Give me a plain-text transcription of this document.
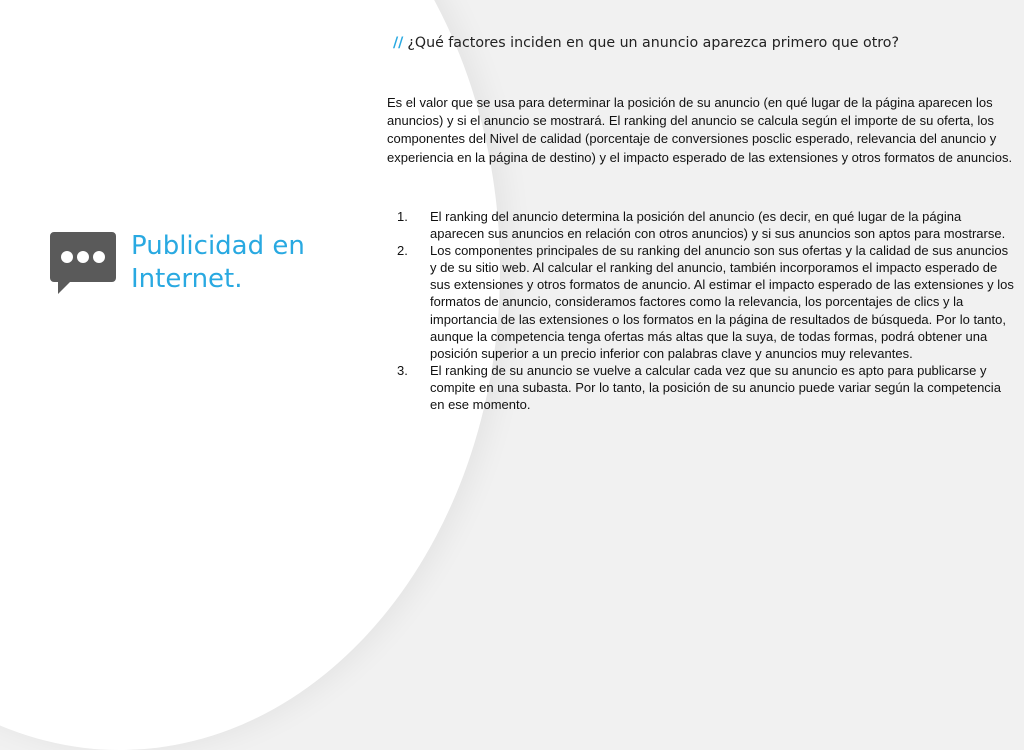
Publicidad en Internet.
// ¿Qué factores inciden en que un anuncio aparezca primero que otro?

Es el valor que se usa para determinar la posición de su anuncio (en qué lugar de la página aparecen los anuncios) y si el anuncio se mostrará. El ranking del anuncio se calcula según el importe de su oferta, los componentes del Nivel de calidad (porcentaje de conversiones posclic esperado, relevancia del anuncio y experiencia en la página de destino) y el impacto esperado de las extensiones y otros formatos de anuncios.

1. El ranking del anuncio determina la posición del anuncio (es decir, en qué lugar de la página aparecen sus anuncios en relación con otros anuncios) y si sus anuncios son aptos para mostrarse.
2. Los componentes principales de su ranking del anuncio son sus ofertas y la calidad de sus anuncios y de su sitio web. Al calcular el ranking del anuncio, también incorporamos el impacto esperado de sus extensiones y otros formatos de anuncio. Al estimar el impacto esperado de las extensiones y los formatos de anuncio, consideramos factores como la relevancia, los porcentajes de clics y la importancia de las extensiones o los formatos en la página de resultados de búsqueda. Por lo tanto, aunque la competencia tenga ofertas más altas que la suya, de todas formas, podrá obtener una posición superior a un precio inferior con palabras clave y anuncios muy relevantes.
3. El ranking de su anuncio se vuelve a calcular cada vez que su anuncio es apto para publicarse y compite en una subasta. Por lo tanto, la posición de su anuncio puede variar según la competencia en ese momento.
